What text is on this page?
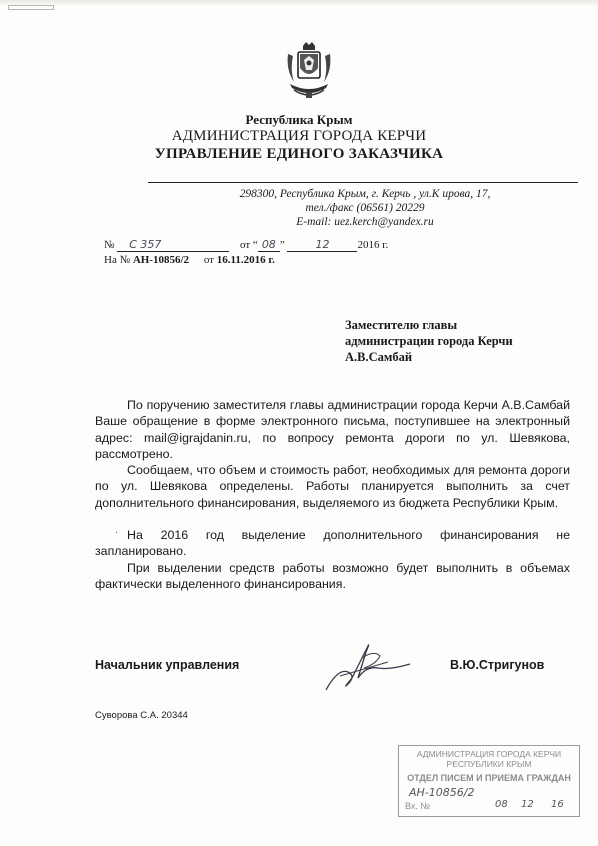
Республика Крым
АДМИНИСТРАЦИЯ ГОРОДА КЕРЧИ
УПРАВЛЕНИЕ ЕДИНОГО ЗАКАЗЧИКА
298300, Республика Крым, г. Керчь , ул.К ирова, 17,
тел./факс (06561) 20229
E-mail: uez.kerch@yandex.ru
№ С 357	от “ 08 ”	12	2016 г.
На № АН-10856/2 от 16.11.2016 г.
Заместителю главы
администрации города Керчи
А.В.Самбай
По поручению заместителя главы администрации города Керчи А.В.Самбай Ваше обращение в форме электронного письма, поступившее на электронный адрес: mail@igrajdanin.ru, по вопросу ремонта дороги по ул. Шевякова, рассмотрено.
Сообщаем, что объем и стоимость работ, необходимых для ремонта дороги по ул. Шевякова определены. Работы планируется выполнить за счет дополнительного финансирования, выделяемого из бюджета Республики Крым.
· На 2016 год выделение дополнительного финансирования не запланировано.
При выделении средств работы возможно будет выполнить в объемах фактически выделенного финансирования.
Начальник управления	В.Ю.Стригунов
Суворова С.А. 20344
АДМИНИСТРАЦИЯ ГОРОДА КЕРЧИ
РЕСПУБЛИКИ КРЫМ
ОТДЕЛ ПИСЕМ И ПРИЕМА ГРАЖДАН
АН-10856/2
Вх. №	08 12 16
